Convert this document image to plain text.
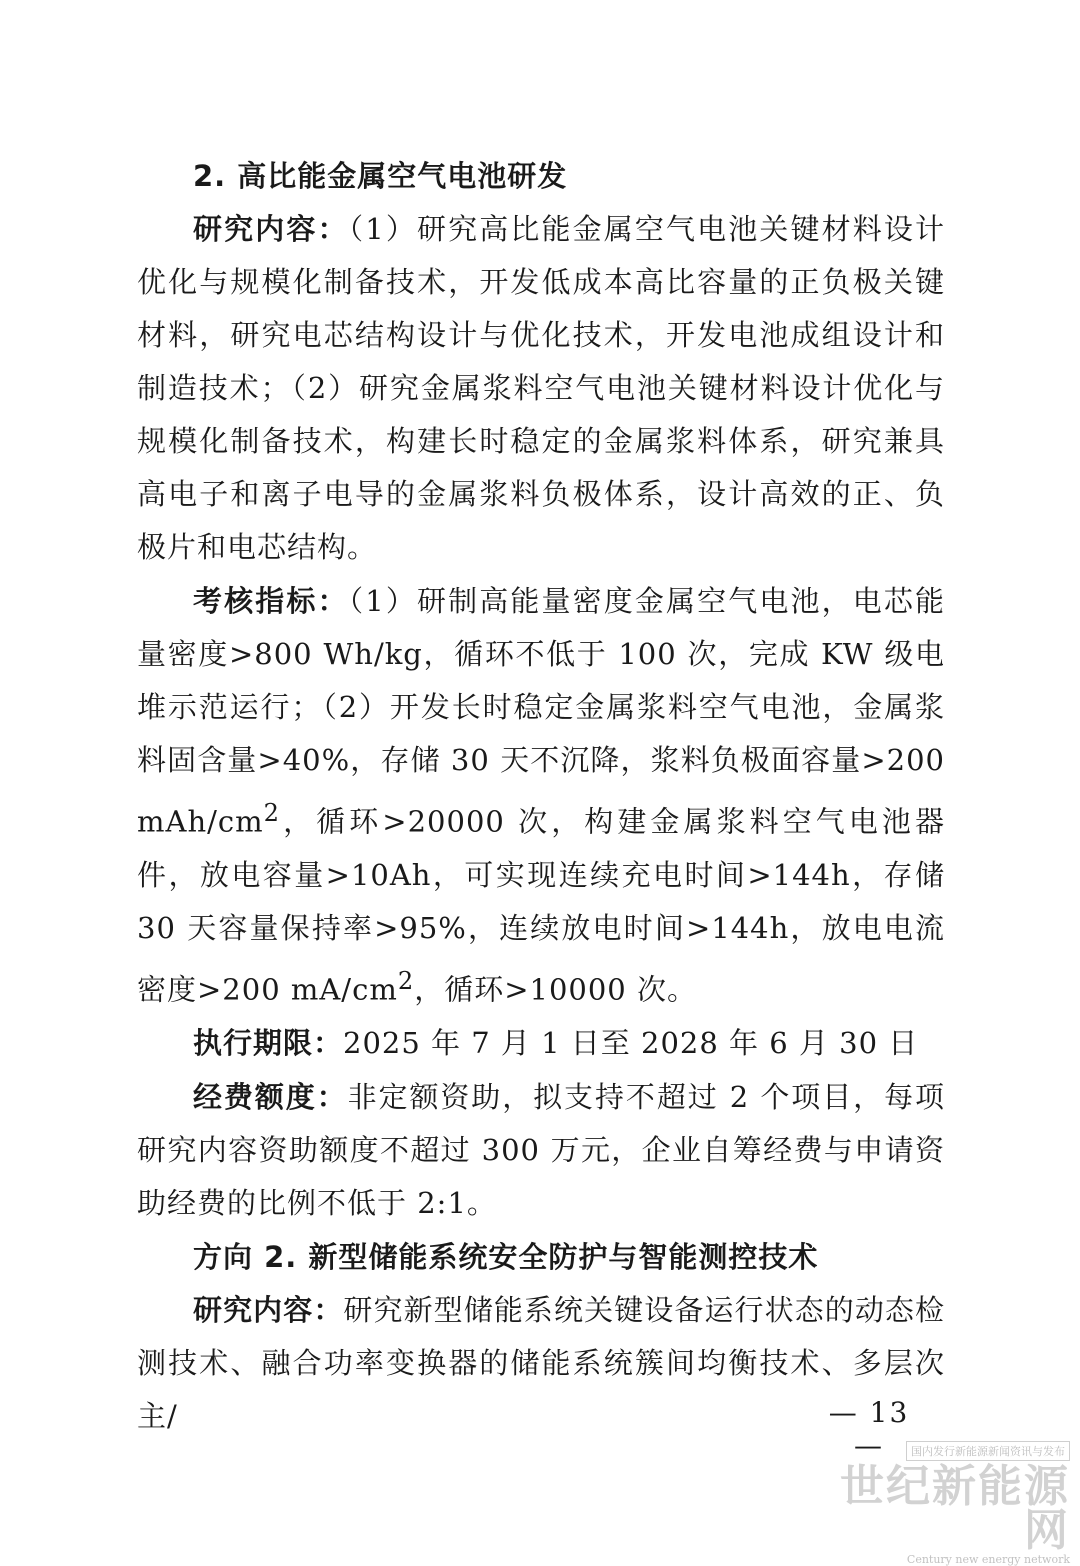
2. 高比能金属空气电池研发

研究内容：（1）研究高比能金属空气电池关键材料设计优化与规模化制备技术，开发低成本高比容量的正负极关键材料，研究电芯结构设计与优化技术，开发电池成组设计和制造技术；（2）研究金属浆料空气电池关键材料设计优化与规模化制备技术，构建长时稳定的金属浆料体系，研究兼具高电子和离子电导的金属浆料负极体系，设计高效的正、负极片和电芯结构。

考核指标：（1）研制高能量密度金属空气电池，电芯能量密度>800 Wh/kg，循环不低于 100 次，完成 KW 级电堆示范运行；（2）开发长时稳定金属浆料空气电池，金属浆料固含量>40%，存储 30 天不沉降，浆料负极面容量>200 mAh/$cm^2$，循环>20000 次，构建金属浆料空气电池器件，放电容量>10Ah，可实现连续充电时间>144h，存储 30 天容量保持率>95%，连续放电时间>144h，放电电流密度>200 $mA/cm^2$，循环>10000 次。

执行期限：2025 年 7 月 1 日至 2028 年 6 月 30 日

经费额度：非定额资助，拟支持不超过 2 个项目，每项研究内容资助额度不超过 300 万元，企业自筹经费与申请资助经费的比例不低于 2:1。

方向 2. 新型储能系统安全防护与智能测控技术

研究内容：研究新型储能系统关键设备运行状态的动态检测技术、融合功率变换器的储能系统簇间均衡技术、多层次主/	— 13 —	国内发行新能源新闻资讯与发布
世纪新能源网
Century new energy network
